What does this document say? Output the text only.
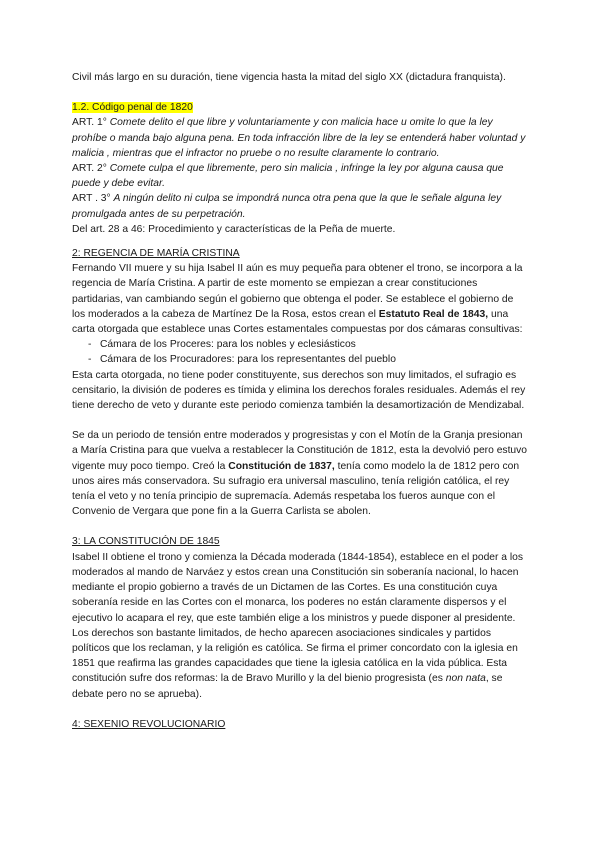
Civil más largo en su duración, tiene vigencia hasta la mitad del siglo XX (dictadura franquista).

1.2. Código penal de 1820

ART. 1° Comete delito el que libre y voluntariamente y con malicia hace u omite lo que la ley prohíbe o manda bajo alguna pena. En toda infracción libre de la ley se entenderá haber voluntad y malicia , mientras que el infractor no pruebe o no resulte claramente lo contrario.

ART. 2° Comete culpa el que libremente, pero sin malicia , infringe la ley por alguna causa que puede y debe evitar.

ART . 3° A ningún delito ni culpa se impondrá nunca otra pena que la que le señale alguna ley promulgada antes de su perpetración.

Del art. 28 a 46: Procedimiento y características de la Peña de muerte.

2: REGENCIA DE MARÍA CRISTINA

Fernando VII muere y su hija Isabel II aún es muy pequeña para obtener el trono, se incorpora a la regencia de María Cristina. A partir de este momento se empiezan a crear constituciones partidarias, van cambiando según el gobierno que obtenga el poder. Se establece el gobierno de los moderados a la cabeza de Martínez De la Rosa, estos crean el Estatuto Real de 1843, una carta otorgada que establece unas Cortes estamentales compuestas por dos cámaras consultivas:

- Cámara de los Proceres: para los nobles y eclesiásticos
- Cámara de los Procuradores: para los representantes del pueblo

Esta carta otorgada, no tiene poder constituyente, sus derechos son muy limitados, el sufragio es censitario, la división de poderes es tímida y elimina los derechos forales residuales. Además el rey tiene derecho de veto y durante este periodo comienza también la desamortización de Mendizabal.

Se da un periodo de tensión entre moderados y progresistas y con el Motín de la Granja presionan a María Cristina para que vuelva a restablecer la Constitución de 1812, esta la devolvió pero estuvo vigente muy poco tiempo. Creó la Constitución de 1837, tenía como modelo la de 1812 pero con unos aires más conservadora. Su sufragio era universal masculino, tenía religión católica, el rey tenía el veto y no tenía principio de supremacía. Además respetaba los fueros aunque con el Convenio de Vergara que pone fin a la Guerra Carlista se abolen.

3: LA CONSTITUCIÓN DE 1845

Isabel II obtiene el trono y comienza la Década moderada (1844-1854), establece en el poder a los moderados al mando de Narváez y estos crean una Constitución sin soberanía nacional, lo hacen mediante el propio gobierno a través de un Dictamen de las Cortes. Es una constitución cuya soberanía reside en las Cortes con el monarca, los poderes no están claramente dispersos y el ejecutivo lo acapara el rey, que este también elige a los ministros y puede disponer al presidente. Los derechos son bastante limitados, de hecho aparecen asociaciones sindicales y partidos políticos que los reclaman, y la religión es católica. Se firma el primer concordato con la iglesia en 1851 que reafirma las grandes capacidades que tiene la iglesia católica en la vida pública. Esta constitución sufre dos reformas: la de Bravo Murillo y la del bienio progresista (es non nata, se debate pero no se aprueba).

4: SEXENIO REVOLUCIONARIO
